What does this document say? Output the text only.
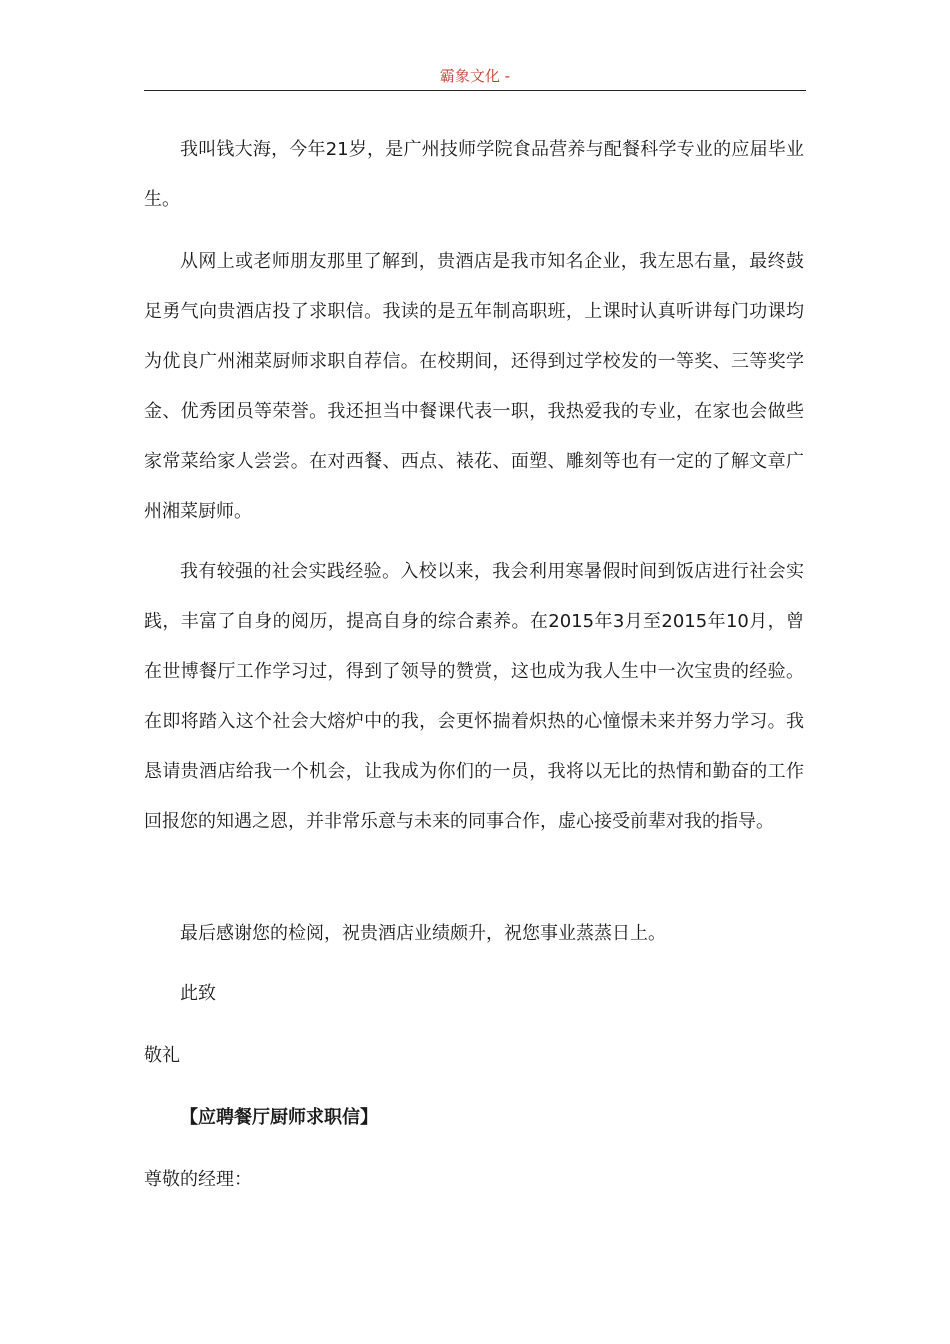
霸象文化 -

我叫钱大海，今年21岁，是广州技师学院食品营养与配餐科学专业的应届毕业生。

从网上或老师朋友那里了解到，贵酒店是我市知名企业，我左思右量，最终鼓足勇气向贵酒店投了求职信。我读的是五年制高职班，上课时认真听讲每门功课均为优良广州湘菜厨师求职自荐信。在校期间，还得到过学校发的一等奖、三等奖学金、优秀团员等荣誉。我还担当中餐课代表一职，我热爱我的专业，在家也会做些家常菜给家人尝尝。在对西餐、西点、裱花、面塑、雕刻等也有一定的了解文章广州湘菜厨师。

我有较强的社会实践经验。入校以来，我会利用寒暑假时间到饭店进行社会实践，丰富了自身的阅历，提高自身的综合素养。在2015年3月至2015年10月，曾在世博餐厅工作学习过，得到了领导的赞赏，这也成为我人生中一次宝贵的经验。在即将踏入这个社会大熔炉中的我，会更怀揣着炽热的心憧憬未来并努力学习。我恳请贵酒店给我一个机会，让我成为你们的一员，我将以无比的热情和勤奋的工作回报您的知遇之恩，并非常乐意与未来的同事合作，虚心接受前辈对我的指导。

最后感谢您的检阅，祝贵酒店业绩颇升，祝您事业蒸蒸日上。

此致

敬礼

【应聘餐厅厨师求职信】

尊敬的经理：
